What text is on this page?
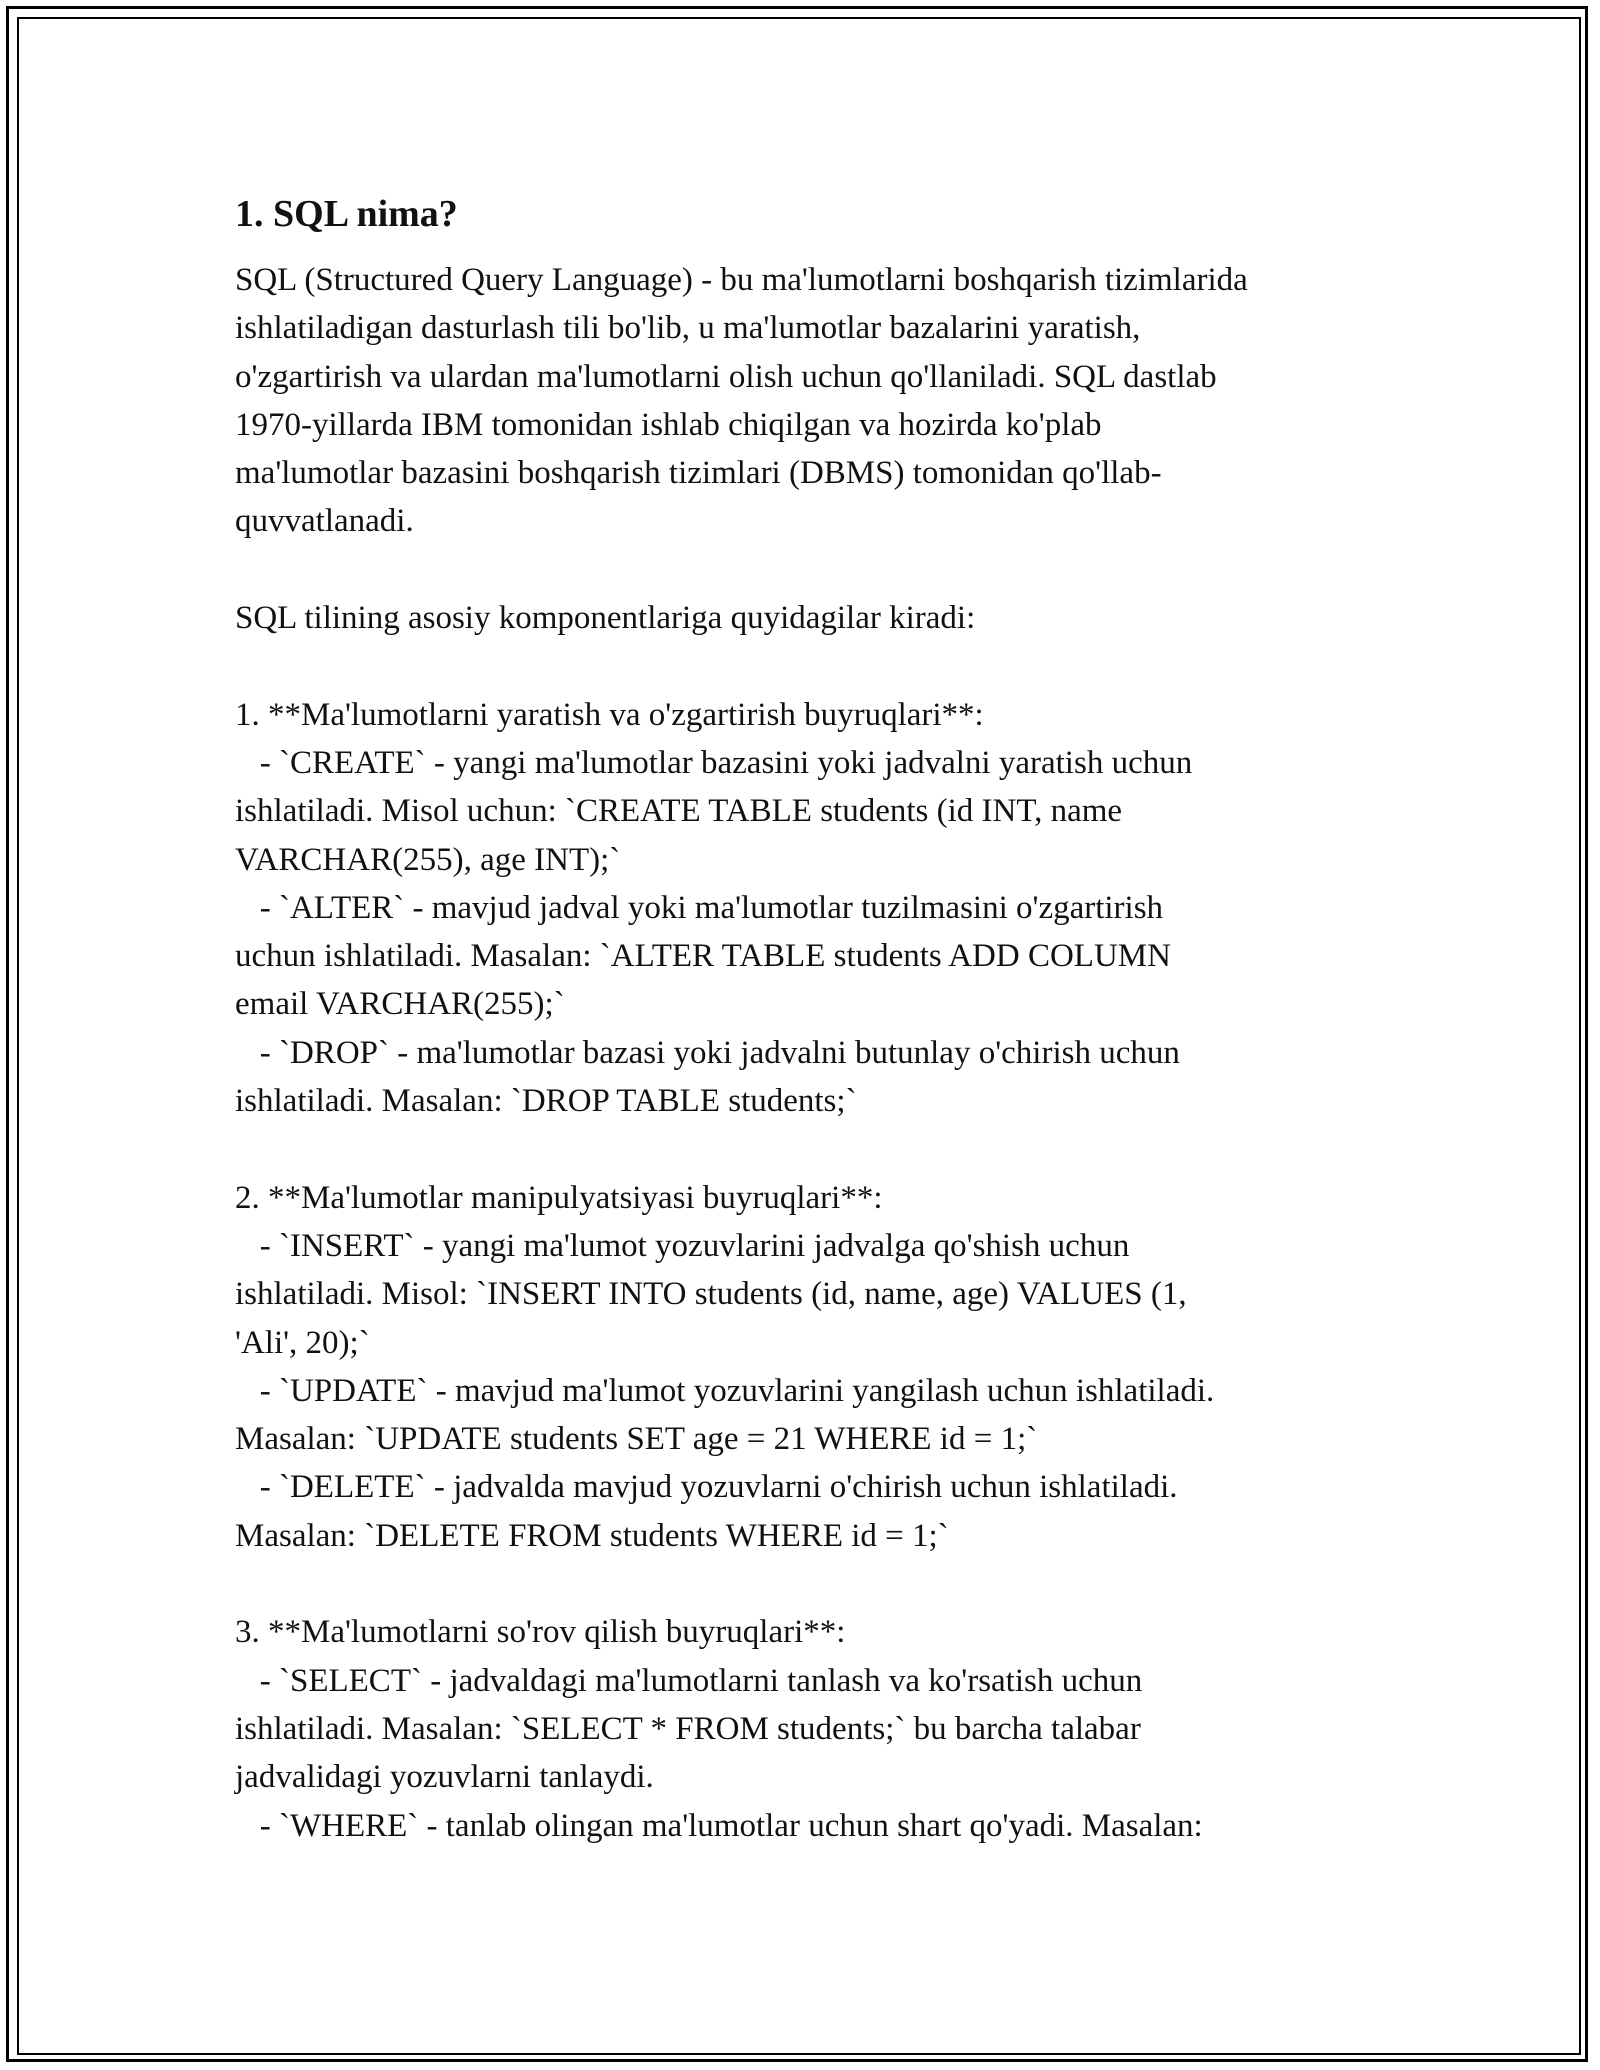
1. SQL nima?
SQL (Structured Query Language) - bu ma'lumotlarni boshqarish tizimlarida
ishlatiladigan dasturlash tili bo'lib, u ma'lumotlar bazalarini yaratish,
o'zgartirish va ulardan ma'lumotlarni olish uchun qo'llaniladi. SQL dastlab
1970-yillarda IBM tomonidan ishlab chiqilgan va hozirda ko'plab
ma'lumotlar bazasini boshqarish tizimlari (DBMS) tomonidan qo'llab-
quvvatlanadi.
SQL tilining asosiy komponentlariga quyidagilar kiradi:
1. **Ma'lumotlarni yaratish va o'zgartirish buyruqlari**:
- `CREATE` - yangi ma'lumotlar bazasini yoki jadvalni yaratish uchun
ishlatiladi. Misol uchun: `CREATE TABLE students (id INT, name
VARCHAR(255), age INT);`
- `ALTER` - mavjud jadval yoki ma'lumotlar tuzilmasini o'zgartirish
uchun ishlatiladi. Masalan: `ALTER TABLE students ADD COLUMN
email VARCHAR(255);`
- `DROP` - ma'lumotlar bazasi yoki jadvalni butunlay o'chirish uchun
ishlatiladi. Masalan: `DROP TABLE students;`
2. **Ma'lumotlar manipulyatsiyasi buyruqlari**:
- `INSERT` - yangi ma'lumot yozuvlarini jadvalga qo'shish uchun
ishlatiladi. Misol: `INSERT INTO students (id, name, age) VALUES (1,
'Ali', 20);`
- `UPDATE` - mavjud ma'lumot yozuvlarini yangilash uchun ishlatiladi.
Masalan: `UPDATE students SET age = 21 WHERE id = 1;`
- `DELETE` - jadvalda mavjud yozuvlarni o'chirish uchun ishlatiladi.
Masalan: `DELETE FROM students WHERE id = 1;`
3. **Ma'lumotlarni so'rov qilish buyruqlari**:
- `SELECT` - jadvaldagi ma'lumotlarni tanlash va ko'rsatish uchun
ishlatiladi. Masalan: `SELECT * FROM students;` bu barcha talabar
jadvalidagi yozuvlarni tanlaydi.
- `WHERE` - tanlab olingan ma'lumotlar uchun shart qo'yadi. Masalan:
